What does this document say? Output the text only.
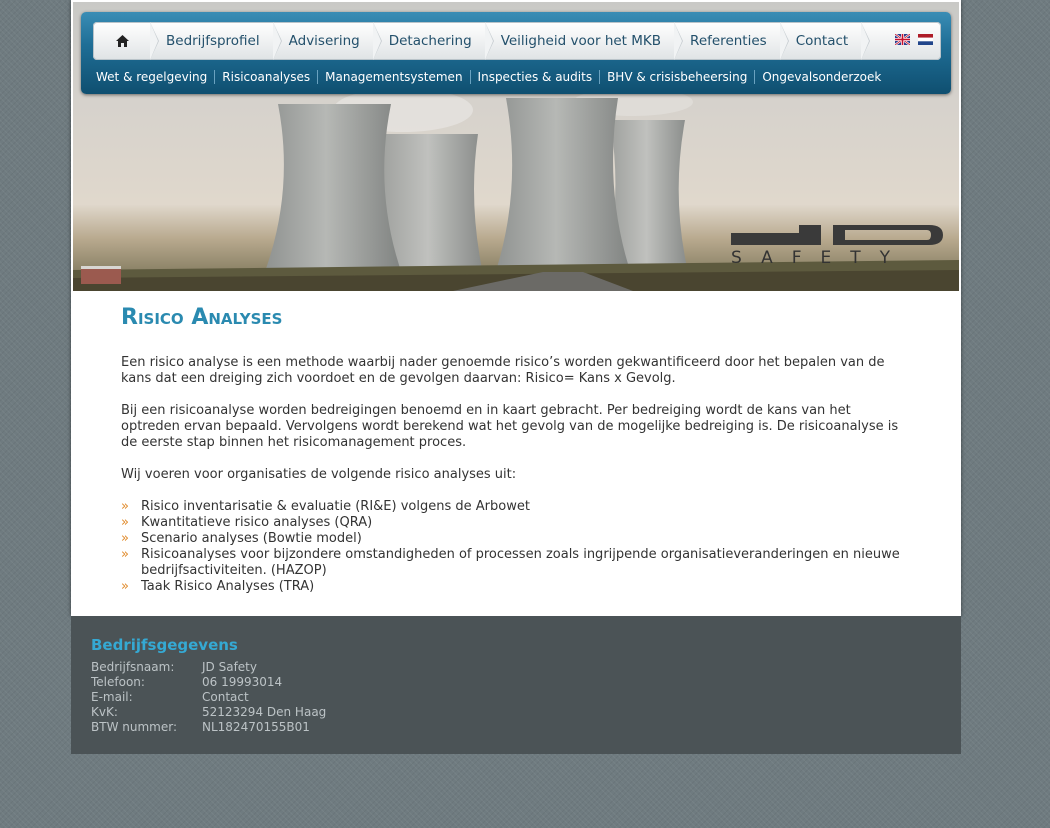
SAFETY
Bedrijfsprofiel	Advisering	Detachering	Veiligheid voor het MKB	Referenties	Contact
Wet & regelgeving	Risicoanalyses	Managementsystemen	Inspecties & audits	BHV & crisisbeheersing	Ongevalsonderzoek
Risico Analyses

Een risico analyse is een methode waarbij nader genoemde risico’s worden gekwantificeerd door het bepalen van de kans dat een dreiging zich voordoet en de gevolgen daarvan: Risico= Kans x Gevolg.

Bij een risicoanalyse worden bedreigingen benoemd en in kaart gebracht. Per bedreiging wordt de kans van het optreden ervan bepaald. Vervolgens wordt berekend wat het gevolg van de mogelijke bedreiging is. De risicoanalyse is de eerste stap binnen het risicomanagement proces.

Wij voeren voor organisaties de volgende risico analyses uit:

» Risico inventarisatie & evaluatie (RI&E) volgens de Arbowet
» Kwantitatieve risico analyses (QRA)
» Scenario analyses (Bowtie model)
» Risicoanalyses voor bijzondere omstandigheden of processen zoals ingrijpende organisatieveranderingen en nieuwe bedrijfsactiviteiten. (HAZOP)
» Taak Risico Analyses (TRA)
Bedrijfsgegevens
Bedrijfsnaam:	JD Safety
Telefoon:	06 19993014
E-mail:	Contact
KvK:	52123294 Den Haag
BTW nummer:	NL182470155B01
